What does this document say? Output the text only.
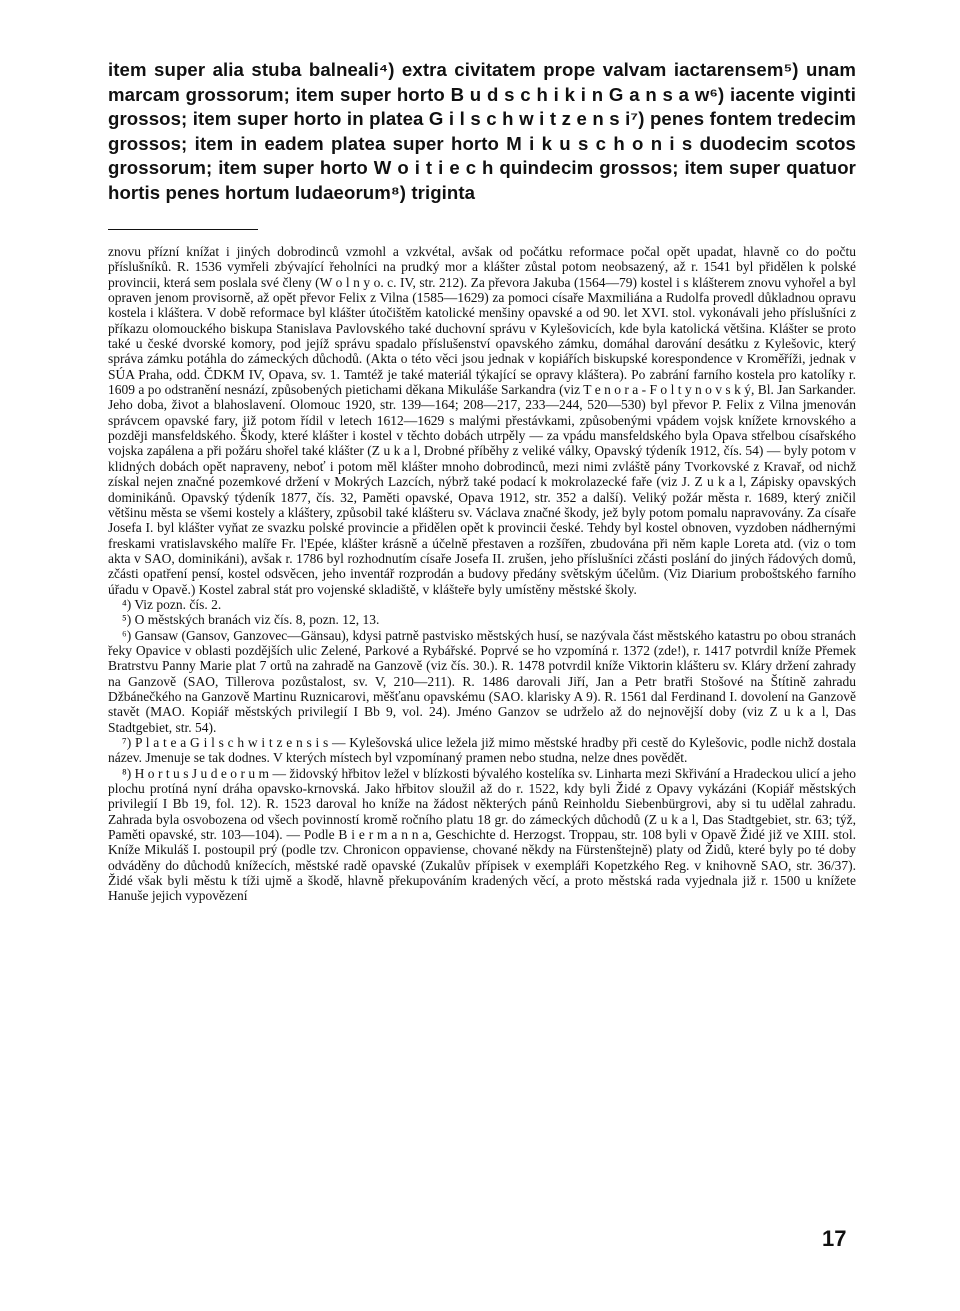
item super alia stuba balneali⁴) extra civitatem prope valvam iactarensem⁵) unam marcam grossorum; item super horto B u d s c h i k i n G a n s a w⁶) iacente viginti grossos; item super horto in platea G i l s c h w i t z e n s i⁷) penes fontem tredecim grossos; item in eadem platea super horto M i k u s c h o n i s duodecim scotos grossorum; item super horto W o i t i e c h quindecim grossos; item super quatuor hortis penes hortum Iudaeorum⁸) triginta

znovu přízní knížat i jiných dobrodinců vzmohl a vzkvétal, avšak od počátku reformace počal opět upadat, hlavně co do počtu příslušníků. R. 1536 vymřeli zbývající řeholníci na prudký mor a klášter zůstal potom neobsazený, až r. 1541 byl přidělen k polské provincii, která sem poslala své členy (W o l n y o. c. IV, str. 212). Za převora Jakuba (1564—79) kostel i s klášterem znovu vyhořel a byl opraven jenom provisorně, až opět převor Felix z Vilna (1585—1629) za pomoci císaře Maxmiliána a Rudolfa provedl důkladnou opravu kostela i kláštera. V době reformace byl klášter útočištěm katolické menšiny opavské a od 90. let XVI. stol. vykonávali jeho příslušníci z příkazu olomouckého biskupa Stanislava Pavlovského také duchovní správu v Kylešovicích, kde byla katolická většina. Klášter se proto také u české dvorské komory, pod jejíž správu spadalo příslušenství opavského zámku, domáhal darování desátku z Kylešovic, který správa zámku potáhla do zámeckých důchodů. (Akta o této věci jsou jednak v kopiářích biskupské korespondence v Kroměříži, jednak v SÚA Praha, odd. ČDKM IV, Opava, sv. 1. Tamtéž je také materiál týkající se opravy kláštera). Po zabrání farního kostela pro katolíky r. 1609 a po odstranění nesnází, způsobených pietichami děkana Mikuláše Sarkandra (viz T e n o r a - F o l t y n o v s k ý, Bl. Jan Sarkander. Jeho doba, život a blahoslavení. Olomouc 1920, str. 139—164; 208—217, 233—244, 520—530) byl převor P. Felix z Vilna jmenován správcem opavské fary, již potom řídil v letech 1612—1629 s malými přestávkami, způsobenými vpádem vojsk knížete krnovského a později mansfeldského. Škody, které klášter i kostel v těchto dobách utrpěly — za vpádu mansfeldského byla Opava střelbou císařského vojska zapálena a při požáru shořel také klášter (Z u k a l, Drobné příběhy z veliké války, Opavský týdeník 1912, čís. 54) — byly potom v klidných dobách opět napraveny, neboť i potom měl klášter mnoho dobrodinců, mezi nimi zvláště pány Tvorkovské z Kravař, od nichž získal nejen značné pozemkové držení v Mokrých Lazcích, nýbrž také podací k mokrolazecké faře (viz J. Z u k a l, Zápisky opavských dominikánů. Opavský týdeník 1877, čís. 32, Paměti opavské, Opava 1912, str. 352 a další). Veliký požár města r. 1689, který zničil většinu města se všemi kostely a kláštery, způsobil také klášteru sv. Václava značné škody, jež byly potom pomalu napravovány. Za císaře Josefa I. byl klášter vyňat ze svazku polské provincie a přidělen opět k provincii české. Tehdy byl kostel obnoven, vyzdoben nádhernými freskami vratislavského malíře Fr. l'Epée, klášter krásně a účelně přestaven a rozšířen, zbudována při něm kaple Loreta atd. (viz o tom akta v SAO, dominikáni), avšak r. 1786 byl rozhodnutím císaře Josefa II. zrušen, jeho příslušníci zčásti poslání do jiných řádových domů, zčásti opatření pensí, kostel odsvěcen, jeho inventář rozprodán a budovy předány světským účelům. (Viz Diarium proboštského farního úřadu v Opavě.) Kostel zabral stát pro vojenské skladiště, v klášteře byly umístěny městské školy.

⁴) Viz pozn. čís. 2.

⁵) O městských branách viz čís. 8, pozn. 12, 13.

⁶) Gansaw (Gansov, Ganzovec—Gänsau), kdysi patrně pastvisko městských husí, se nazývala část městského katastru po obou stranách řeky Opavice v oblasti pozdějších ulic Zelené, Parkové a Rybářské. Poprvé se ho vzpomíná r. 1372 (zde!), r. 1417 potvrdil kníže Přemek Bratrstvu Panny Marie plat 7 ortů na zahradě na Ganzově (viz čís. 30.). R. 1478 potvrdil kníže Viktorin klášteru sv. Kláry držení zahrady na Ganzově (SAO, Tillerova pozůstalost, sv. V, 210—211). R. 1486 darovali Jiří, Jan a Petr bratři Stošové na Štítině zahradu Džbánečkého na Ganzově Martinu Ruznicarovi, měšťanu opavskému (SAO. klarisky A 9). R. 1561 dal Ferdinand I. dovolení na Ganzově stavět (MAO. Kopiář městských privilegií I Bb 9, vol. 24). Jméno Ganzov se udrželo až do nejnovější doby (viz Z u k a l, Das Stadtgebiet, str. 54).

⁷) P l a t e a G i l s c h w i t z e n s i s — Kylešovská ulice ležela již mimo městské hradby při cestě do Kylešovic, podle nichž dostala název. Jmenuje se tak dodnes. V kterých místech byl vzpomínaný pramen nebo studna, nelze dnes povědět.

⁸) H o r t u s J u d e o r u m — židovský hřbitov ležel v blízkosti bývalého kostelíka sv. Linharta mezi Skřivání a Hradeckou ulicí a jeho plochu protíná nyní dráha opavsko-krnovská. Jako hřbitov sloužil až do r. 1522, kdy byli Židé z Opavy vykázáni (Kopiář městských privilegií I Bb 19, fol. 12). R. 1523 daroval ho kníže na žádost některých pánů Reinholdu Siebenbürgrovi, aby si tu udělal zahradu. Zahrada byla osvobozena od všech povinností kromě ročního platu 18 gr. do zámeckých důchodů (Z u k a l, Das Stadtgebiet, str. 63; týž, Paměti opavské, str. 103—104). — Podle B i e r m a n n a, Geschichte d. Herzogst. Troppau, str. 108 byli v Opavě Židé již ve XIII. stol. Kníže Mikuláš I. postoupil prý (podle tzv. Chronicon oppaviense, chované někdy na Fürstenštejně) platy od Židů, které byly po té doby odváděny do důchodů knížecích, městské radě opavské (Zukalův přípisek v exempláři Kopetzkého Reg. v knihovně SAO, str. 36/37). Židé však byli městu k tíži ujmě a škodě, hlavně překupováním kradených věcí, a proto městská rada vyjednala již r. 1500 u knížete Hanuše jejich vypovězení

17
